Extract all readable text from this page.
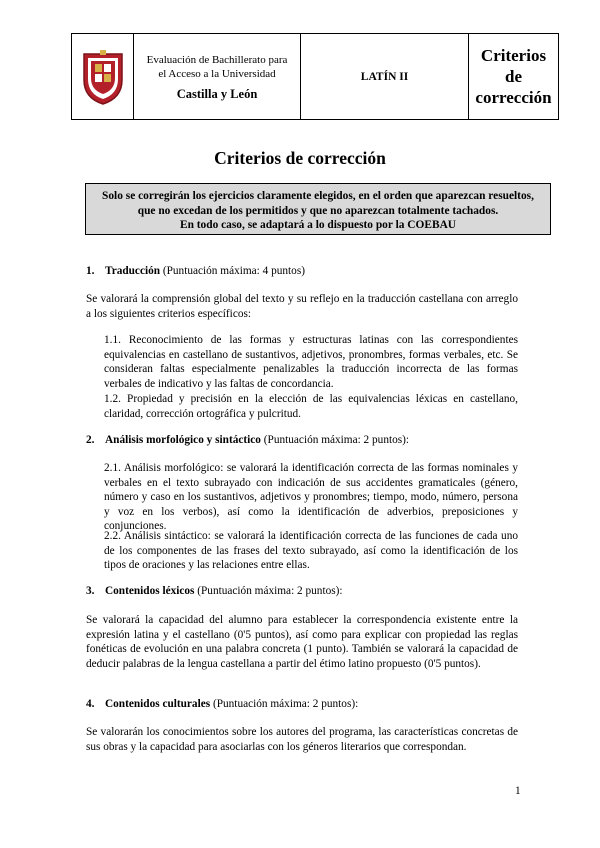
Evaluación de Bachillerato para
el Acceso a la Universidad
Castilla y León
LATÍN II
Criterios
de
corrección
Criterios de corrección
Solo se corregirán los ejercicios claramente elegidos, en el orden que aparezcan resueltos,
que no excedan de los permitidos y que no aparezcan totalmente tachados.
En todo caso, se adaptará a lo dispuesto por la COEBAU
1. Traducción (Puntuación máxima: 4 puntos)
Se valorará la comprensión global del texto y su reflejo en la traducción castellana con arreglo a los siguientes criterios específicos:
1.1. Reconocimiento de las formas y estructuras latinas con las correspondientes equivalencias en castellano de sustantivos, adjetivos, pronombres, formas verbales, etc. Se consideran faltas especialmente penalizables la traducción incorrecta de las formas verbales de indicativo y las faltas de concordancia.
1.2. Propiedad y precisión en la elección de las equivalencias léxicas en castellano, claridad, corrección ortográfica y pulcritud.
2. Análisis morfológico y sintáctico (Puntuación máxima: 2 puntos):
2.1. Análisis morfológico: se valorará la identificación correcta de las formas nominales y verbales en el texto subrayado con indicación de sus accidentes gramaticales (género, número y caso en los sustantivos, adjetivos y pronombres; tiempo, modo, número, persona y voz en los verbos), así como la identificación de adverbios, preposiciones y conjunciones.
2.2. Análisis sintáctico: se valorará la identificación correcta de las funciones de cada uno de los componentes de las frases del texto subrayado, así como la identificación de los tipos de oraciones y las relaciones entre ellas.
3. Contenidos léxicos (Puntuación máxima: 2 puntos):
Se valorará la capacidad del alumno para establecer la correspondencia existente entre la expresión latina y el castellano (0'5 puntos), así como para explicar con propiedad las reglas fonéticas de evolución en una palabra concreta (1 punto). También se valorará la capacidad de deducir palabras de la lengua castellana a partir del étimo latino propuesto (0'5 puntos).
4. Contenidos culturales (Puntuación máxima: 2 puntos):
Se valorarán los conocimientos sobre los autores del programa, las características concretas de sus obras y la capacidad para asociarlas con los géneros literarios que correspondan.
1
